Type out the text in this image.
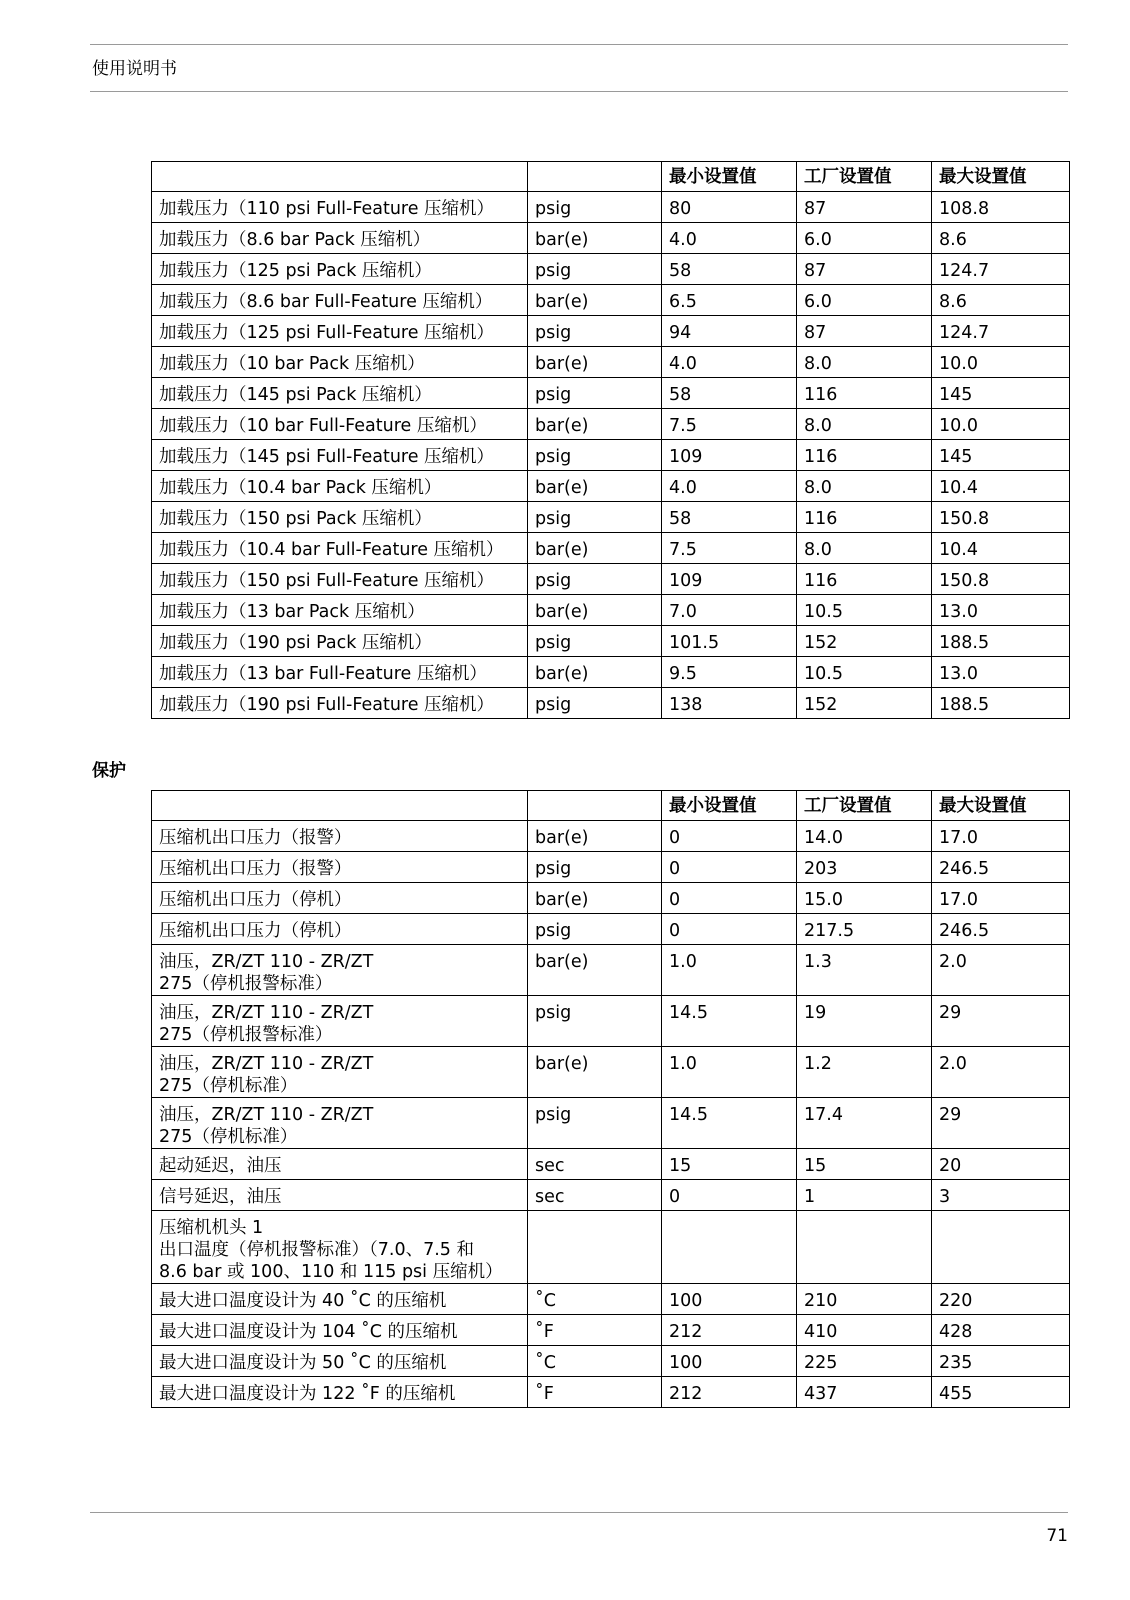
使用说明书
		最小设置值	工厂设置值	最大设置值
加载压力（110 psi Full-Feature 压缩机）	psig	80	87	108.8
加载压力（8.6 bar Pack 压缩机）	bar(e)	4.0	6.0	8.6
加载压力（125 psi Pack 压缩机）	psig	58	87	124.7
加载压力（8.6 bar Full-Feature 压缩机）	bar(e)	6.5	6.0	8.6
加载压力（125 psi Full-Feature 压缩机）	psig	94	87	124.7
加载压力（10 bar Pack 压缩机）	bar(e)	4.0	8.0	10.0
加载压力（145 psi Pack 压缩机）	psig	58	116	145
加载压力（10 bar Full-Feature 压缩机）	bar(e)	7.5	8.0	10.0
加载压力（145 psi Full-Feature 压缩机）	psig	109	116	145
加载压力（10.4 bar Pack 压缩机）	bar(e)	4.0	8.0	10.4
加载压力（150 psi Pack 压缩机）	psig	58	116	150.8
加载压力（10.4 bar Full-Feature 压缩机）	bar(e)	7.5	8.0	10.4
加载压力（150 psi Full-Feature 压缩机）	psig	109	116	150.8
加载压力（13 bar Pack 压缩机）	bar(e)	7.0	10.5	13.0
加载压力（190 psi Pack 压缩机）	psig	101.5	152	188.5
加载压力（13 bar Full-Feature 压缩机）	bar(e)	9.5	10.5	13.0
加载压力（190 psi Full-Feature 压缩机）	psig	138	152	188.5
保护
		最小设置值	工厂设置值	最大设置值
压缩机出口压力（报警）	bar(e)	0	14.0	17.0
压缩机出口压力（报警）	psig	0	203	246.5
压缩机出口压力（停机）	bar(e)	0	15.0	17.0
压缩机出口压力（停机）	psig	0	217.5	246.5
油压，ZR/ZT 110 - ZR/ZT
275（停机报警标准）	bar(e)	1.0	1.3	2.0
油压，ZR/ZT 110 - ZR/ZT
275（停机报警标准）	psig	14.5	19	29
油压，ZR/ZT 110 - ZR/ZT
275（停机标准）	bar(e)	1.0	1.2	2.0
油压，ZR/ZT 110 - ZR/ZT
275（停机标准）	psig	14.5	17.4	29
起动延迟，油压	sec	15	15	20
信号延迟，油压	sec	0	1	3
压缩机机头 1
出口温度（停机报警标准）（7.0、7.5 和
8.6 bar 或 100、110 和 115 psi 压缩机）				
最大进口温度设计为 40 ˚C 的压缩机	˚C	100	210	220
最大进口温度设计为 104 ˚C 的压缩机	˚F	212	410	428
最大进口温度设计为 50 ˚C 的压缩机	˚C	100	225	235
最大进口温度设计为 122 ˚F 的压缩机	˚F	212	437	455
71
